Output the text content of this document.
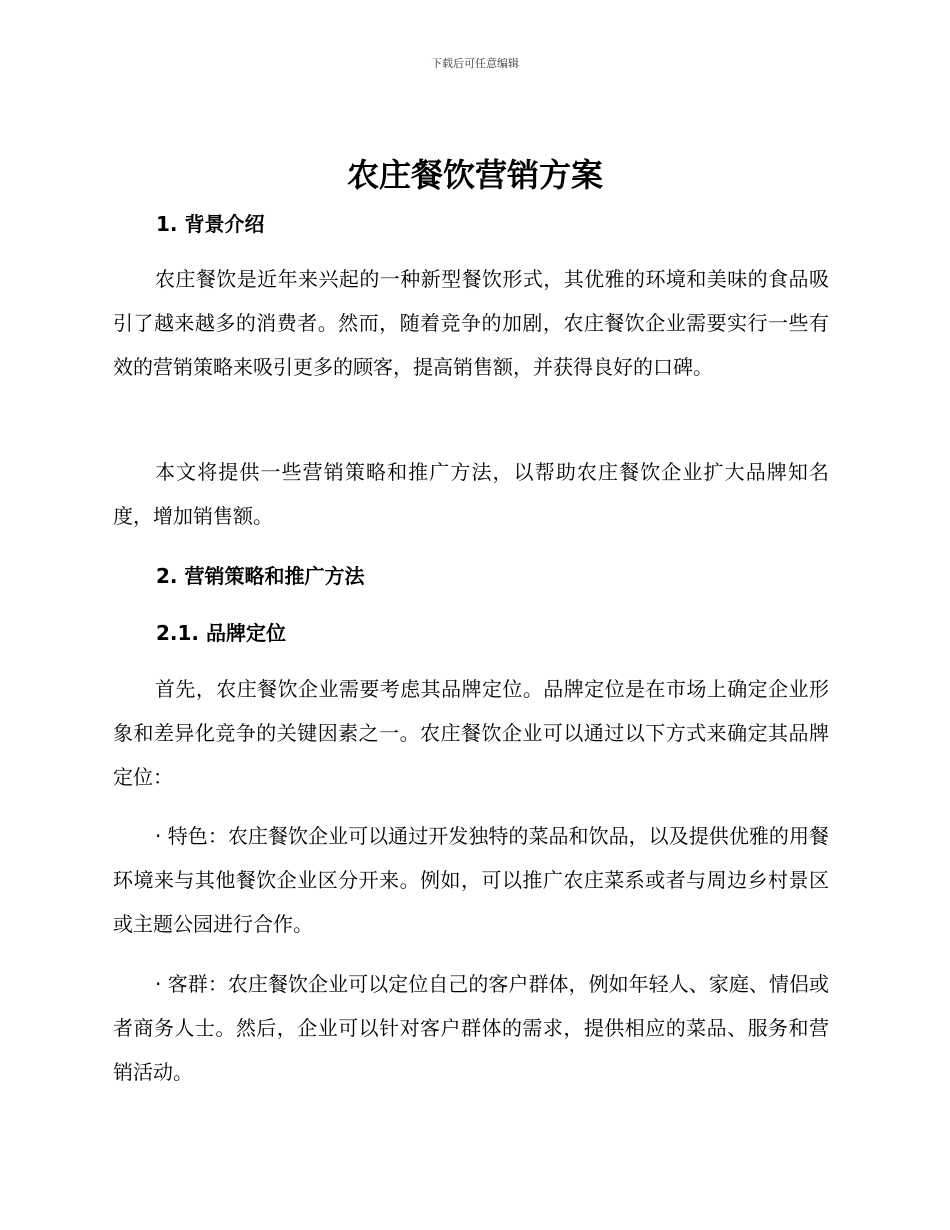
下载后可任意编辑
农庄餐饮营销方案
1. 背景介绍
农庄餐饮是近年来兴起的一种新型餐饮形式，其优雅的环境和美味的食品吸引了越来越多的消费者。然而，随着竞争的加剧，农庄餐饮企业需要实行一些有效的营销策略来吸引更多的顾客，提高销售额，并获得良好的口碑。
本文将提供一些营销策略和推广方法，以帮助农庄餐饮企业扩大品牌知名度，增加销售额。
2. 营销策略和推广方法
2.1. 品牌定位
首先，农庄餐饮企业需要考虑其品牌定位。品牌定位是在市场上确定企业形象和差异化竞争的关键因素之一。农庄餐饮企业可以通过以下方式来确定其品牌定位：
· 特色：农庄餐饮企业可以通过开发独特的菜品和饮品，以及提供优雅的用餐环境来与其他餐饮企业区分开来。例如，可以推广农庄菜系或者与周边乡村景区或主题公园进行合作。
· 客群：农庄餐饮企业可以定位自己的客户群体，例如年轻人、家庭、情侣或者商务人士。然后，企业可以针对客户群体的需求，提供相应的菜品、服务和营销活动。
